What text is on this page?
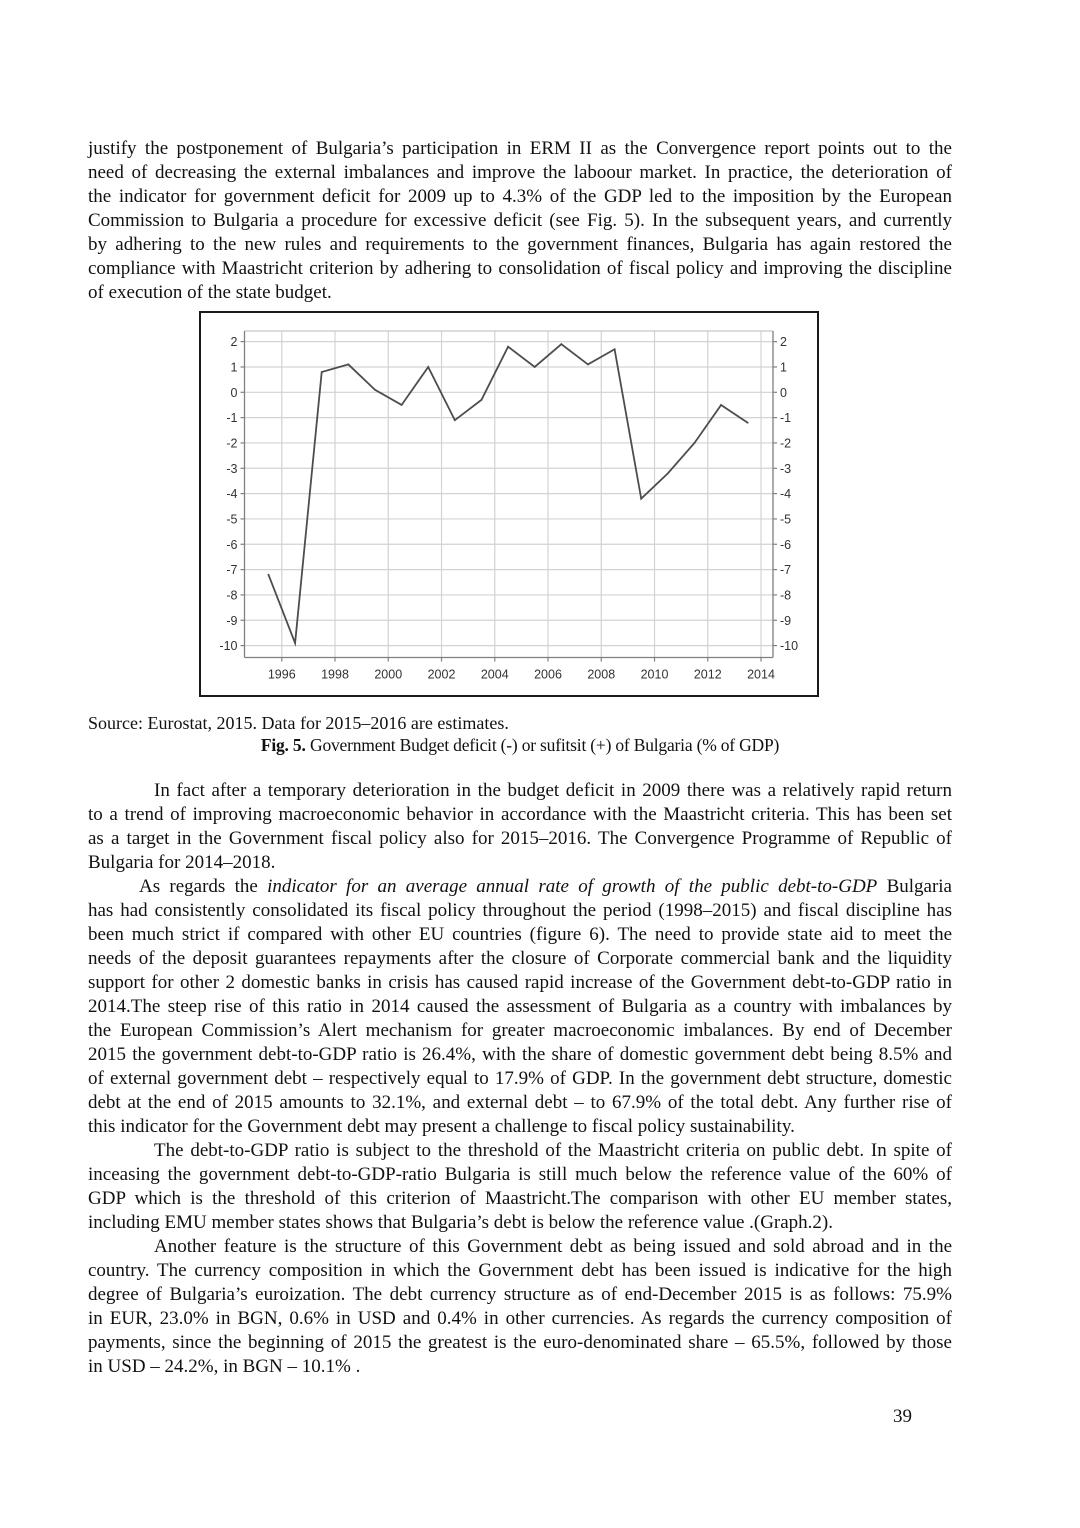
justify the postponement of Bulgaria’s participation in ERM II as the Convergence report points out to the
need of decreasing the external imbalances and improve the laboour market. In practice, the deterioration of
the indicator for government deficit for 2009 up to 4.3% of the GDP led to the imposition by the European
Commission to Bulgaria a procedure for excessive deficit (see Fig. 5). In the subsequent years, and currently
by adhering to the new rules and requirements to the government finances, Bulgaria has again restored the
compliance with Maastricht criterion by adhering to consolidation of fiscal policy and improving the discipline
of execution of the state budget.
2	2
1	1
0	0
-1	-1
-2	-2
-3	-3
-4	-4
-5	-5
-6	-6
-7	-7
-8	-8
-9	-9
-10	-10
1996 1998 2000 2002 2004 2006 2008 2010 2012 2014
Source: Eurostat, 2015. Data for 2015–2016 are estimates.
Fig. 5. Government Budget deficit (-) or sufitsit (+) of Bulgaria (% of GDP)
In fact after a temporary deterioration in the budget deficit in 2009 there was a relatively rapid return
to a trend of improving macroeconomic behavior in accordance with the Maastricht criteria. This has been set
as a target in the Government fiscal policy also for 2015–2016. The Convergence Programme of Republic of
Bulgaria for 2014–2018.
As regards the indicator for an average annual rate of growth of the public debt-to-GDP Bulgaria
has had consistently consolidated its fiscal policy throughout the period (1998–2015) and fiscal discipline has
been much strict if compared with other EU countries (figure 6). The need to provide state aid to meet the
needs of the deposit guarantees repayments after the closure of Corporate commercial bank and the liquidity
support for other 2 domestic banks in crisis has caused rapid increase of the Government debt-to-GDP ratio in
2014.The steep rise of this ratio in 2014 caused the assessment of Bulgaria as a country with imbalances by
the European Commission’s Alert mechanism for greater macroeconomic imbalances. By end of December
2015 the government debt-to-GDP ratio is 26.4%, with the share of domestic government debt being 8.5% and
of external government debt – respectively equal to 17.9% of GDP. In the government debt structure, domestic
debt at the end of 2015 amounts to 32.1%, and external debt – to 67.9% of the total debt. Any further rise of
this indicator for the Government debt may present a challenge to fiscal policy sustainability.
The debt-to-GDP ratio is subject to the threshold of the Maastricht criteria on public debt. In spite of
inceasing the government debt-to-GDP-ratio Bulgaria is still much below the reference value of the 60% of
GDP which is the threshold of this criterion of Maastricht.The comparison with other EU member states,
including EMU member states shows that Bulgaria’s debt is below the reference value .(Graph.2).
Another feature is the structure of this Government debt as being issued and sold abroad and in the
country. The currency composition in which the Government debt has been issued is indicative for the high
degree of Bulgaria’s euroization. The debt currency structure as of end-December 2015 is as follows: 75.9%
in EUR, 23.0% in BGN, 0.6% in USD and 0.4% in other currencies. As regards the currency composition of
payments, since the beginning of 2015 the greatest is the euro-denominated share – 65.5%, followed by those
in USD – 24.2%, in BGN – 10.1% .
39
